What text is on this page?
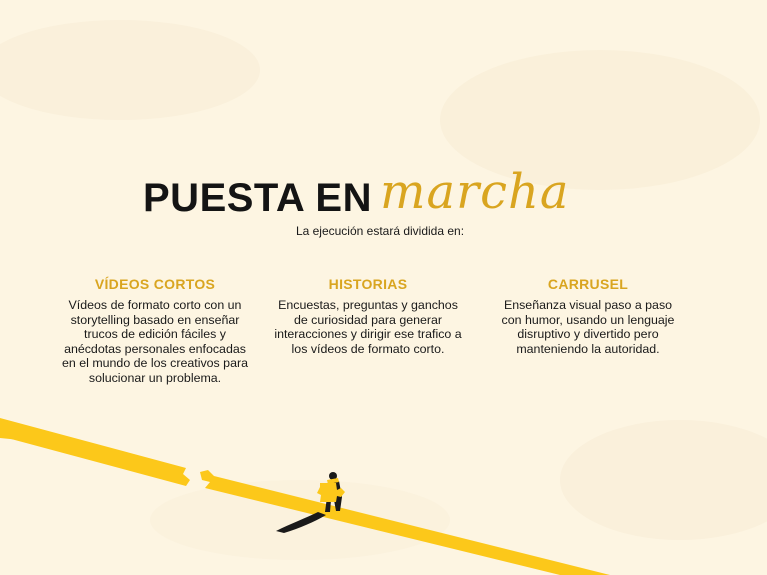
PUESTA EN marcha
La ejecución estará dividida en:
VÍDEOS CORTOS

Vídeos de formato corto con un storytelling basado en enseñar trucos de edición fáciles y anécdotas personales enfocadas en el mundo de los creativos para solucionar un problema.

HISTORIAS

Encuestas, preguntas y ganchos de curiosidad para generar interacciones y dirigir ese trafico a los vídeos de formato corto.

CARRUSEL

Enseñanza visual paso a paso con humor, usando un lenguaje disruptivo y divertido pero manteniendo la autoridad.
